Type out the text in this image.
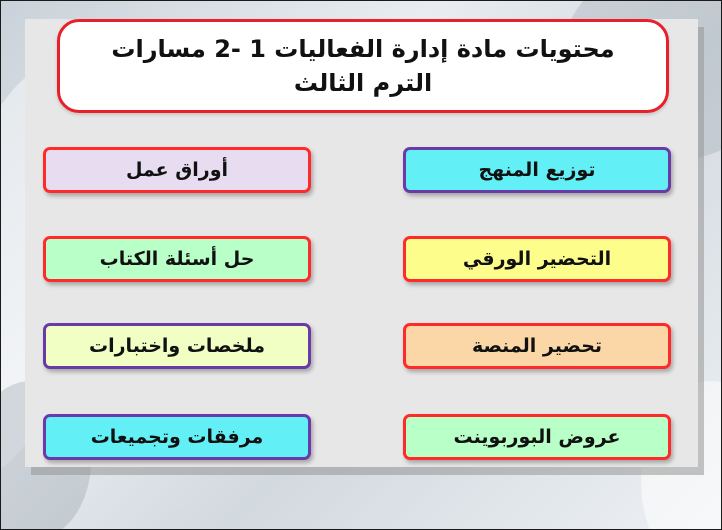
محتويات مادة إدارة الفعاليات 1 -2 مسارات
الترم الثالث
توزيع المنهج
التحضير الورقي
تحضير المنصة
عروض البوربوينت
أوراق عمل
حل أسئلة الكتاب
ملخصات واختبارات
مرفقات وتجميعات
